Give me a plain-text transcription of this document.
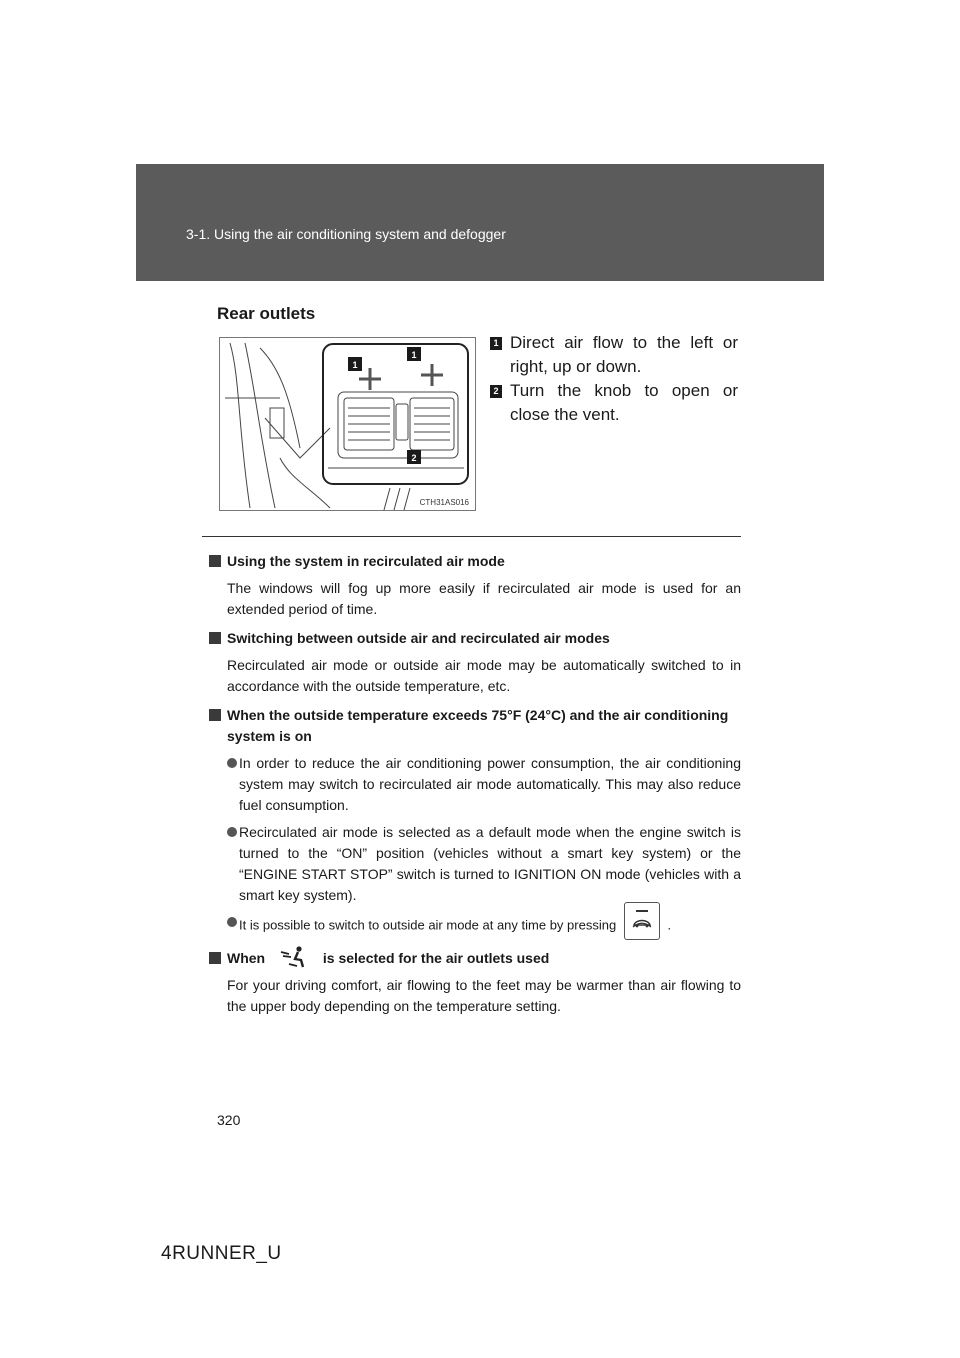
3-1. Using the air conditioning system and defogger
Rear outlets
1
1
2
CTH31AS016
1 Direct air flow to the left or right, up or down.
2 Turn the knob to open or close the vent.
Using the system in recirculated air mode
The windows will fog up more easily if recirculated air mode is used for an extended period of time.
Switching between outside air and recirculated air modes
Recirculated air mode or outside air mode may be automatically switched to in accordance with the outside temperature, etc.
When the outside temperature exceeds 75°F (24°C) and the air conditioning system is on
In order to reduce the air conditioning power consumption, the air conditioning system may switch to recirculated air mode automatically. This may also reduce fuel consumption.
Recirculated air mode is selected as a default mode when the engine switch is turned to the “ON” position (vehicles without a smart key system) or the “ENGINE START STOP” switch is turned to IGNITION ON mode (vehicles with a smart key system).
It is possible to switch to outside air mode at any time by pressing	.
When	is selected for the air outlets used
For your driving comfort, air flowing to the feet may be warmer than air flowing to the upper body depending on the temperature setting.
320
4RUNNER_U
